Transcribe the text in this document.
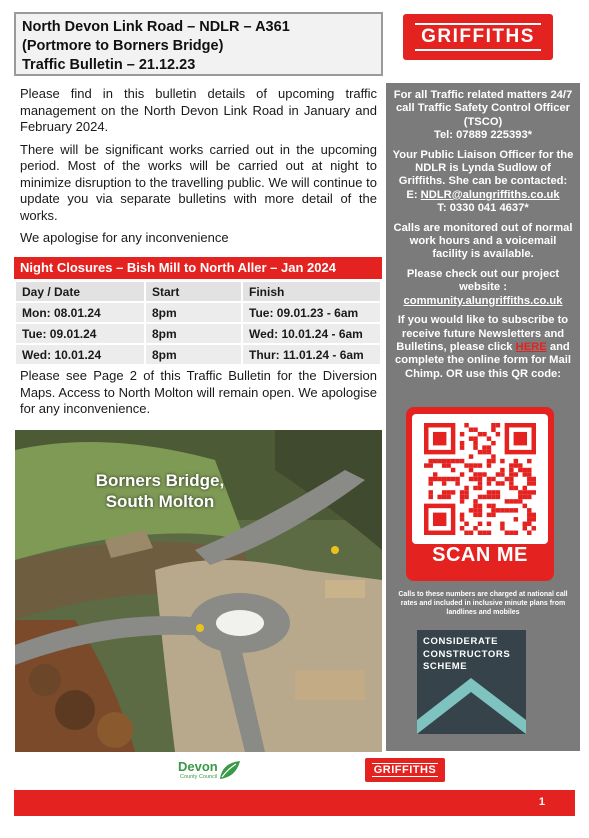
North Devon Link Road – NDLR – A361
(Portmore to Borners Bridge)
Traffic Bulletin – 21.12.23
GRIFFITHS

Please find in this bulletin details of upcoming traffic management on the North Devon Link Road in January and February 2024.

There will be significant works carried out in the upcoming period. Most of the works will be carried out at night to minimize disruption to the travelling public. We will continue to update you via separate bulletins with more detail of the works.

We apologise for any inconvenience

Night Closures – Bish Mill to North Aller – Jan 2024
Day / Date	Start	Finish
Mon: 08.01.24	8pm	Tue: 09.01.23 - 6am
Tue: 09.01.24	8pm	Wed: 10.01.24 - 6am
Wed: 10.01.24	8pm	Thur: 11.01.24 - 6am

Please see Page 2 of this Traffic Bulletin for the Diversion Maps. Access to North Molton will remain open. We apologise for any inconvenience.

Borners Bridge,
South Molton

For all Traffic related matters 24/7 call Traffic Safety Control Officer (TSCO)
Tel: 07889 225393*

Your Public Liaison Officer for the NDLR is Lynda Sudlow of Griffiths. She can be contacted:
E: NDLR@alungriffiths.co.uk
T: 0330 041 4637*

Calls are monitored out of normal work hours and a voicemail facility is available.

Please check out our project website :
community.alungriffiths.co.uk

If you would like to subscribe to receive future Newsletters and Bulletins, please click HERE and complete the online form for Mail Chimp. OR use this QR code:

SCAN ME
Calls to these numbers are charged at national call rates and included in inclusive minute plans from landlines and mobiles
CONSIDERATE
CONSTRUCTORS
SCHEME
Devon
County Council
GRIFFITHS
1
